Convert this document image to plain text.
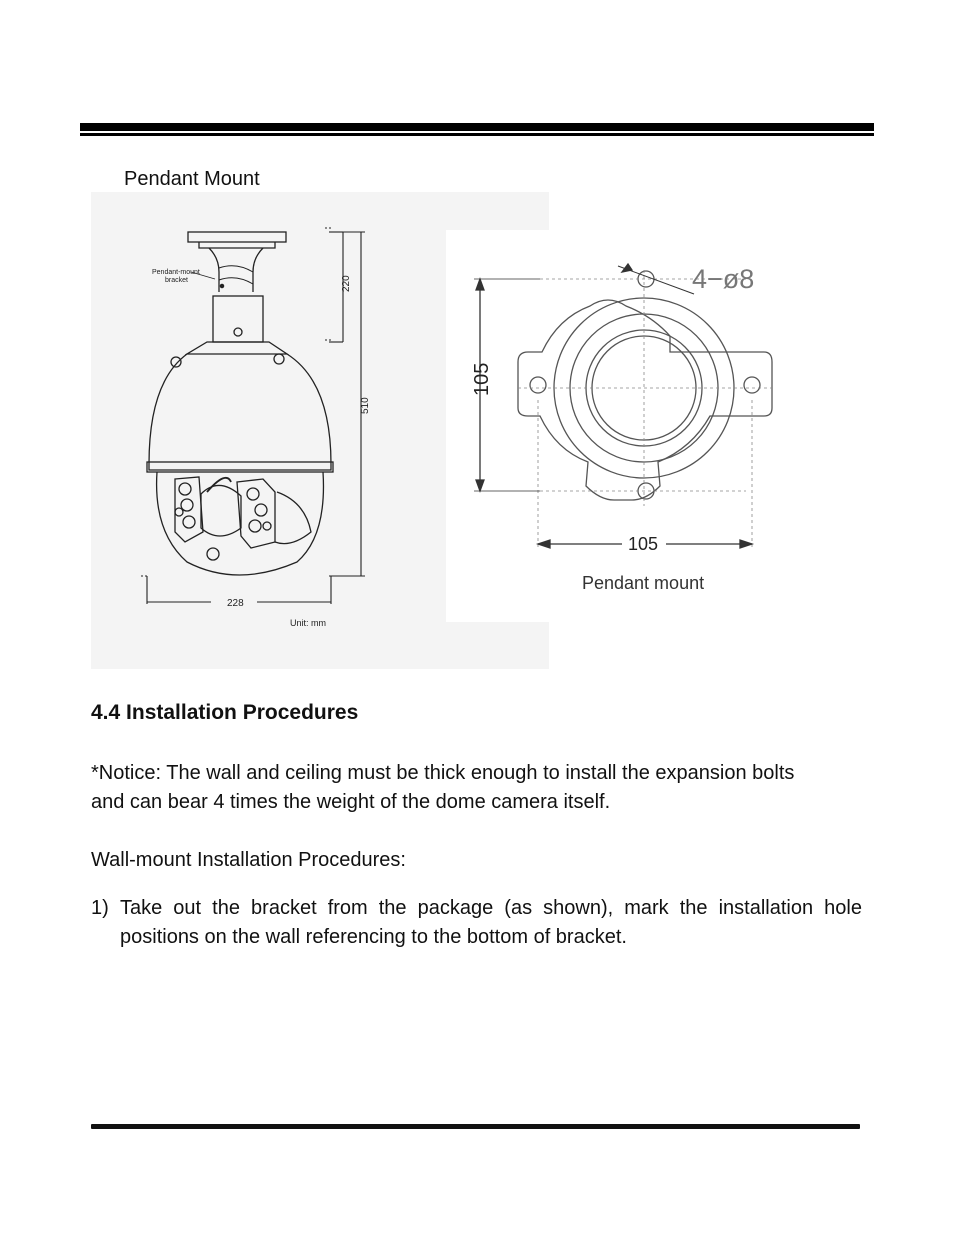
Pendant Mount
Pendant-mount
bracket	220
510
228
Unit: mm
4−ø8
105
105
Pendant mount
4.4 Installation Procedures
*Notice: The wall and ceiling must be thick enough to install the expansion bolts and can bear 4 times the weight of the dome camera itself.
Wall-mount Installation Procedures:
1) Take out the bracket from the package (as shown), mark the installation hole positions on the wall referencing to the bottom of bracket.
